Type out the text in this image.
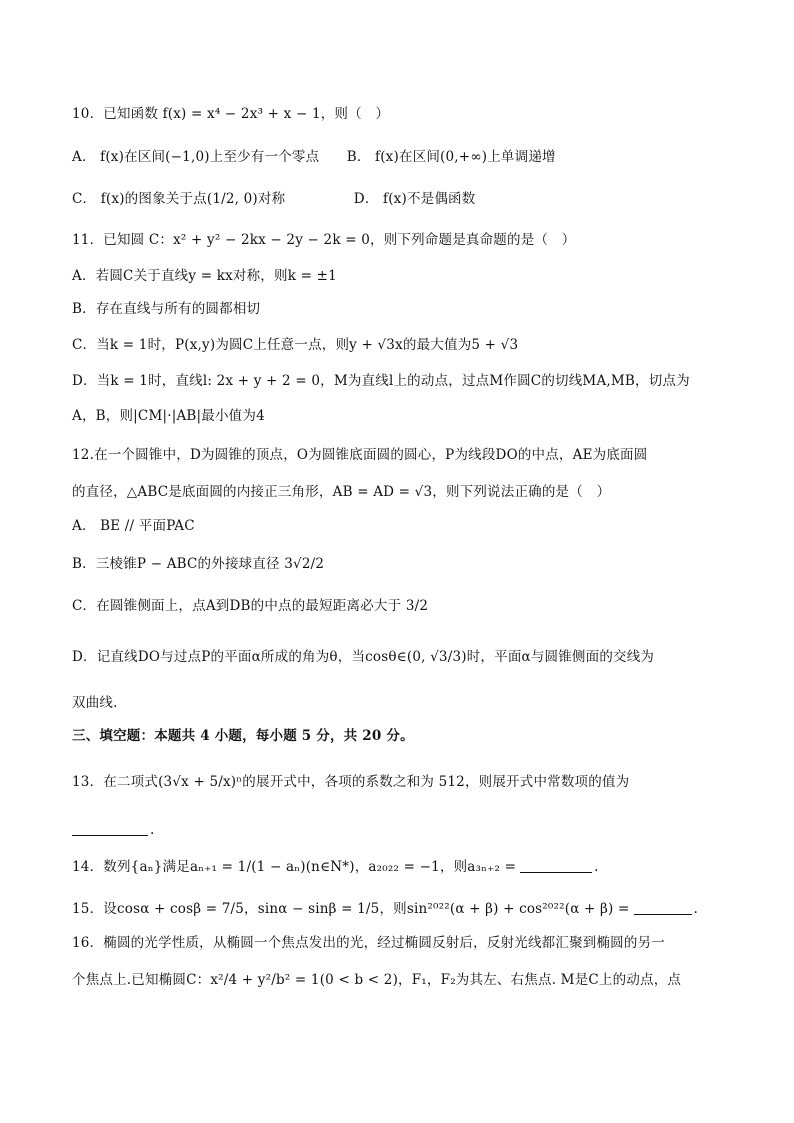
10．已知函数 f(x) = x⁴ − 2x³ + x − 1，则（　）
A． f(x)在区间(−1,0)上至少有一个零点　　B． f(x)在区间(0,+∞)上单调递增
C． f(x)的图象关于点(1/2, 0)对称　　　　　D． f(x)不是偶函数
11．已知圆 C：x² + y² − 2kx − 2y − 2k = 0，则下列命题是真命题的是（　）
A．若圆C关于直线y = kx对称，则k = ±1
B．存在直线与所有的圆都相切
C．当k = 1时，P(x,y)为圆C上任意一点，则y + √3x的最大值为5 + √3
D．当k = 1时，直线l: 2x + y + 2 = 0，M为直线l上的动点，过点M作圆C的切线MA,MB，切点为
A，B，则|CM|·|AB|最小值为4
12.在一个圆锥中，D为圆锥的顶点，O为圆锥底面圆的圆心，P为线段DO的中点，AE为底面圆
的直径，△ABC是底面圆的内接正三角形，AB = AD = √3，则下列说法正确的是（　）
A． BE // 平面PAC
B．三棱锥P − ABC的外接球直径 3√2/2
C．在圆锥侧面上，点A到DB的中点的最短距离必大于 3/2
D．记直线DO与过点P的平面α所成的角为θ，当cosθ∈(0, √3/3)时，平面α与圆锥侧面的交线为
双曲线.
三、填空题：本题共 4 小题，每小题 5 分，共 20 分。
13．在二项式(3√x + 5/x)ⁿ的展开式中，各项的系数之和为 512，则展开式中常数项的值为
.
14．数列{aₙ}满足aₙ₊₁ = 1/(1 − aₙ)(n∈N*)，a₂₀₂₂ = −1，则a₃ₙ₊₂ =	.
15．设cosα + cosβ = 7/5，sinα − sinβ = 1/5，则sin²⁰²²(α + β) + cos²⁰²²(α + β) =	.
16．椭圆的光学性质，从椭圆一个焦点发出的光，经过椭圆反射后，反射光线都汇聚到椭圆的另一
个焦点上.已知椭圆C：x²/4 + y²/b² = 1(0 < b < 2)，F₁，F₂为其左、右焦点. M是C上的动点，点
